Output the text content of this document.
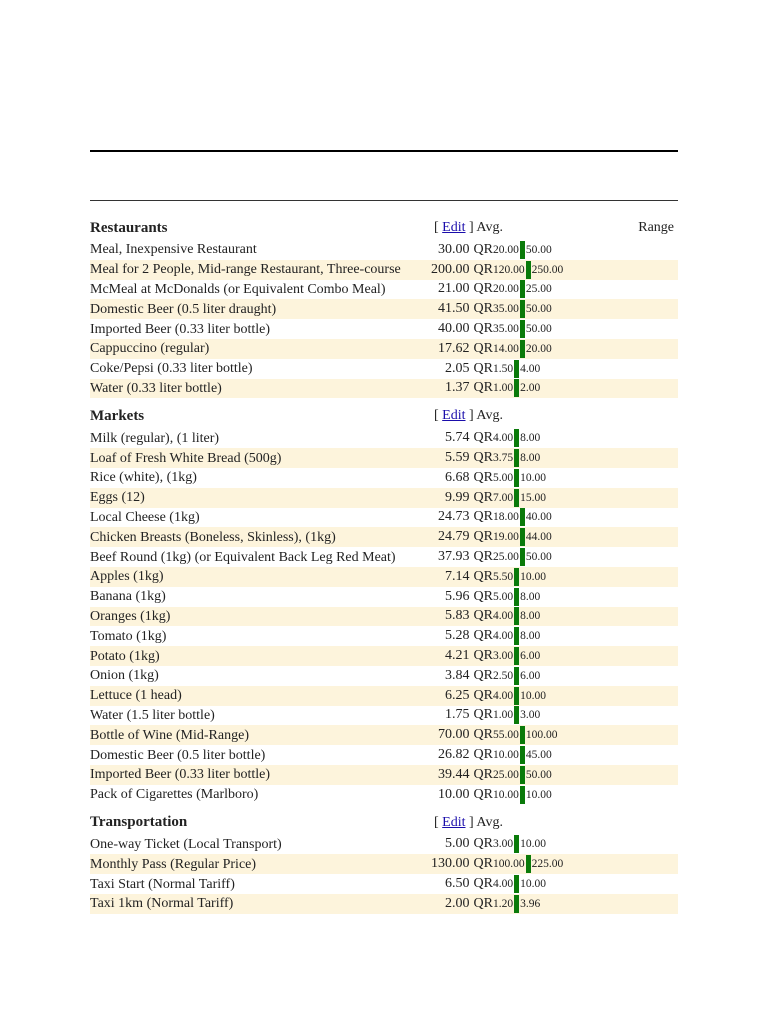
Restaurants	[ Edit ] Avg.	Range
Meal, Inexpensive Restaurant	30.00 QR 20.00 50.00
Meal for 2 People, Mid-range Restaurant, Three-course	200.00 QR 120.00 250.00
McMeal at McDonalds (or Equivalent Combo Meal)	21.00 QR 20.00 25.00
Domestic Beer (0.5 liter draught)	41.50 QR 35.00 50.00
Imported Beer (0.33 liter bottle)	40.00 QR 35.00 50.00
Cappuccino (regular)	17.62 QR 14.00 20.00
Coke/Pepsi (0.33 liter bottle)	2.05 QR 1.50 4.00
Water (0.33 liter bottle)	1.37 QR 1.00 2.00
Markets	[ Edit ] Avg.
Milk (regular), (1 liter)	5.74 QR 4.00 8.00
Loaf of Fresh White Bread (500g)	5.59 QR 3.75 8.00
Rice (white), (1kg)	6.68 QR 5.00 10.00
Eggs (12)	9.99 QR 7.00 15.00
Local Cheese (1kg)	24.73 QR 18.00 40.00
Chicken Breasts (Boneless, Skinless), (1kg)	24.79 QR 19.00 44.00
Beef Round (1kg) (or Equivalent Back Leg Red Meat)	37.93 QR 25.00 50.00
Apples (1kg)	7.14 QR 5.50 10.00
Banana (1kg)	5.96 QR 5.00 8.00
Oranges (1kg)	5.83 QR 4.00 8.00
Tomato (1kg)	5.28 QR 4.00 8.00
Potato (1kg)	4.21 QR 3.00 6.00
Onion (1kg)	3.84 QR 2.50 6.00
Lettuce (1 head)	6.25 QR 4.00 10.00
Water (1.5 liter bottle)	1.75 QR 1.00 3.00
Bottle of Wine (Mid-Range)	70.00 QR 55.00 100.00
Domestic Beer (0.5 liter bottle)	26.82 QR 10.00 45.00
Imported Beer (0.33 liter bottle)	39.44 QR 25.00 50.00
Pack of Cigarettes (Marlboro)	10.00 QR 10.00 10.00
Transportation	[ Edit ] Avg.
One-way Ticket (Local Transport)	5.00 QR 3.00 10.00
Monthly Pass (Regular Price)	130.00 QR 100.00 225.00
Taxi Start (Normal Tariff)	6.50 QR 4.00 10.00
Taxi 1km (Normal Tariff)	2.00 QR 1.20 3.96
